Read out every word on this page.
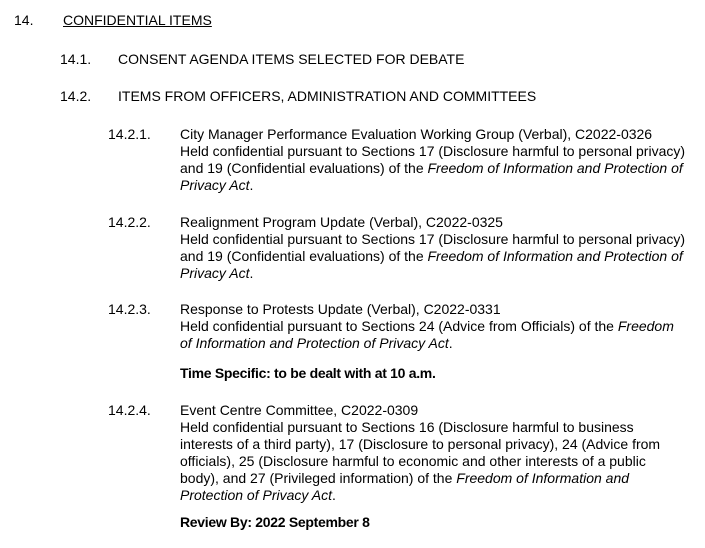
14. CONFIDENTIAL ITEMS
14.1. CONSENT AGENDA ITEMS SELECTED FOR DEBATE
14.2. ITEMS FROM OFFICERS, ADMINISTRATION AND COMMITTEES
14.2.1. City Manager Performance Evaluation Working Group (Verbal), C2022-0326
Held confidential pursuant to Sections 17 (Disclosure harmful to personal privacy)
and 19 (Confidential evaluations) of the Freedom of Information and Protection of
Privacy Act.
14.2.2. Realignment Program Update (Verbal), C2022-0325
Held confidential pursuant to Sections 17 (Disclosure harmful to personal privacy)
and 19 (Confidential evaluations) of the Freedom of Information and Protection of
Privacy Act.
14.2.3. Response to Protests Update (Verbal), C2022-0331
Held confidential pursuant to Sections 24 (Advice from Officials) of the Freedom
of Information and Protection of Privacy Act.
Time Specific: to be dealt with at 10 a.m.
14.2.4. Event Centre Committee, C2022-0309
Held confidential pursuant to Sections 16 (Disclosure harmful to business
interests of a third party), 17 (Disclosure to personal privacy), 24 (Advice from
officials), 25 (Disclosure harmful to economic and other interests of a public
body), and 27 (Privileged information) of the Freedom of Information and
Protection of Privacy Act.
Review By: 2022 September 8
